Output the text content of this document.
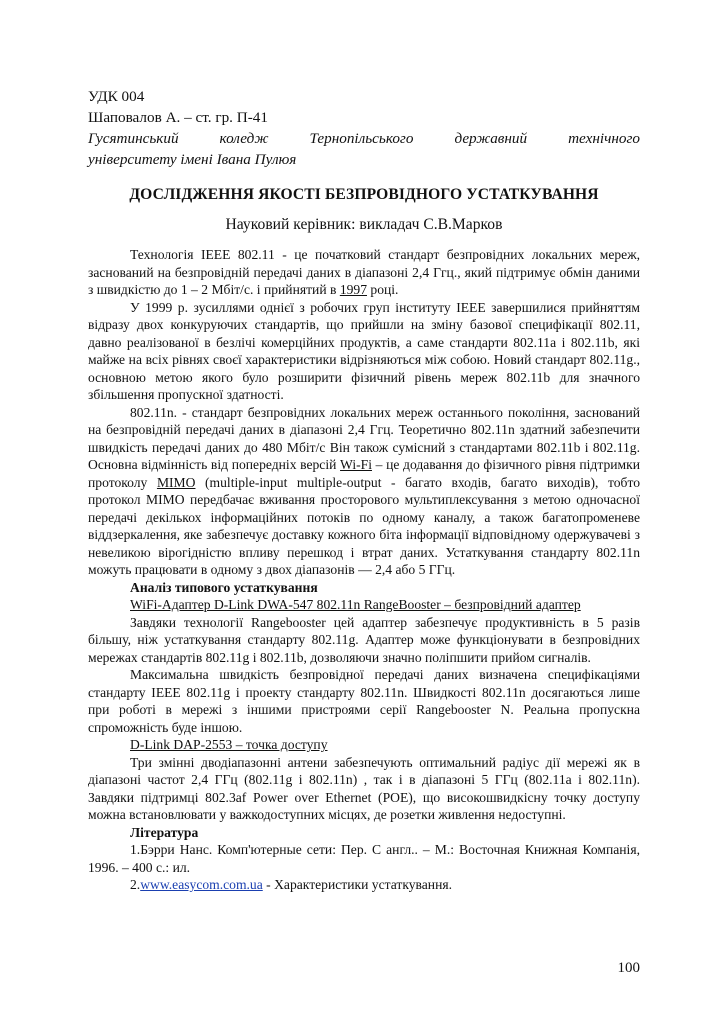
УДК 004
Шаповалов А. – ст. гр. П-41
Гусятинський коледж Тернопільського державний технічного
університету імені Івана Пулюя
ДОСЛІДЖЕННЯ ЯКОСТІ БЕЗПРОВІДНОГО УСТАТКУВАННЯ
Науковий керівник: викладач С.В.Марков

Технологія IEEE 802.11 - це початковий стандарт безпровідних локальних мереж, заснований на безпровідній передачі даних в діапазоні 2,4 Ггц., який підтримує обмін даними з швидкістю до 1 – 2 Мбіт/с. і прийнятий в 1997 році.

У 1999 р. зусиллями однієї з робочих груп інституту IEEE завершилися прийняттям відразу двох конкуруючих стандартів, що прийшли на зміну базової специфікації 802.11, давно реалізованої в безлічі комерційних продуктів, а саме стандарти 802.11a і 802.11b, які майже на всіх рівнях своєї характеристики відрізняються між собою. Новий стандарт 802.11g., основною метою якого було розширити фізичний рівень мереж 802.11b для значного збільшення пропускної здатності.

802.11n. - стандарт безпровідних локальних мереж останнього покоління, заснований на безпровідній передачі даних в діапазоні 2,4 Ггц. Теоретично 802.11n здатний забезпечити швидкість передачі даних до 480 Мбіт/с Він також сумісний з стандартами 802.11b і 802.11g. Основна відмінність від попередніх версій Wi-Fi – це додавання до фізичного рівня підтримки протоколу MIMO (multiple-input multiple-output - багато входів, багато виходів), тобто протокол MIMO передбачає вживання просторового мультиплексування з метою одночасної передачі декількох інформаційних потоків по одному каналу, а також багатопроменеве віддзеркалення, яке забезпечує доставку кожного біта інформації відповідному одержувачеві з невеликою вірогідністю впливу перешкод і втрат даних. Устаткування стандарту 802.11n можуть працювати в одному з двох діапазонів — 2,4 або 5 ГГц.

Аналіз типового устаткування

WiFi-Адаптер D-Link DWA-547 802.11n RangeBooster – безпровідний адаптер

Завдяки технології Rangebooster цей адаптер забезпечує продуктивність в 5 разів більшу, ніж устаткування стандарту 802.11g. Адаптер може функціонувати в безпровідних мережах стандартів 802.11g і 802.11b, дозволяючи значно поліпшити прийом сигналів.

Максимальна швидкість безпровідної передачі даних визначена специфікаціями стандарту IEEE 802.11g і проекту стандарту 802.11n. Швидкості 802.11n досягаються лише при роботі в мережі з іншими пристроями серії Rangebooster N. Реальна пропускна спроможність буде іншою.

D-Link DAP-2553 – точка доступу

Три змінні дводіапазонні антени забезпечують оптимальний радіус дії мережі як в діапазоні частот 2,4 ГГц (802.11g і 802.11n) , так і в діапазоні 5 ГГц (802.11a і 802.11n). Завдяки підтримці 802.3af Power over Ethernet (POE), що високошвидкісну точку доступу можна встановлювати у важкодоступних місцях, де розетки живлення недоступні.

Література

1.Бэрри Нанс. Комп'ютерные сети: Пер. С англ.. – М.: Восточная Книжная Компанія, 1996. – 400 с.: ил.

2.www.easycom.com.ua - Характеристики устаткування.

100
